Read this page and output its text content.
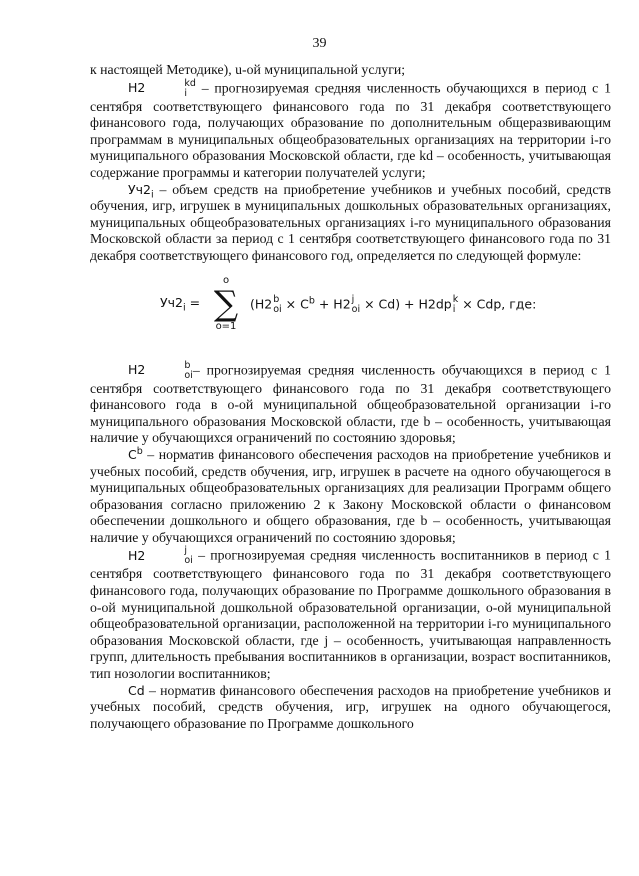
39

к настоящей Методике), u-ой муниципальной услуги;

Н2	kd
i – прогнозируемая средняя численность обучающихся в период с 1 сентября соответствующего финансового года по 31 декабря соответствующего финансового года, получающих образование по дополнительным общеразвивающим программам в муниципальных общеобразовательных организациях на территории i-го муниципального образования Московской области, где kd – особенность, учитывающая содержание программы и категории получателей услуги;

$Уч2_i$ – объем средств на приобретение учебников и учебных пособий, средств обучения, игр, игрушек в муниципальных дошкольных образовательных организациях, муниципальных общеобразовательных организациях i-го муниципального образования Московской области за период с 1 сентября соответствующего финансового года по 31 декабря соответствующего финансового год, определяется по следующей формуле:

$Уч2_i$ =
o
∑
o=1
(Н2 b
oi × $С^b + Н2$ j
oi × Cd) + Н2dp k
i × Cdp, где:

Н2	b
oi – прогнозируемая средняя численность обучающихся в период с 1 сентября соответствующего финансового года по 31 декабря соответствующего финансового года в о-ой муниципальной общеобразовательной организации i-го муниципального образования Московской области, где b – особенность, учитывающая наличие у обучающихся ограничений по состоянию здоровья;

$С^b$ – норматив финансового обеспечения расходов на приобретение учебников и учебных пособий, средств обучения, игр, игрушек в расчете на одного обучающегося в муниципальных общеобразовательных организациях для реализации Программ общего образования согласно приложению 2 к Закону Московской области о финансовом обеспечении дошкольного и общего образования, где b – особенность, учитывающая наличие у обучающихся ограничений по состоянию здоровья;

Н2	j
oi – прогнозируемая средняя численность воспитанников в период с 1 сентября соответствующего финансового года по 31 декабря соответствующего финансового года, получающих образование по Программе дошкольного образования в о-ой муниципальной дошкольной образовательной организации, о-ой муниципальной общеобразовательной организации, расположенной на территории i-го муниципального образования Московской области, где j – особенность, учитывающая направленность групп, длительность пребывания воспитанников в организации, возраст воспитанников, тип нозологии воспитанников;

Cd – норматив финансового обеспечения расходов на приобретение учебников и учебных пособий, средств обучения, игр, игрушек на одного обучающегося, получающего образование по Программе дошкольного
